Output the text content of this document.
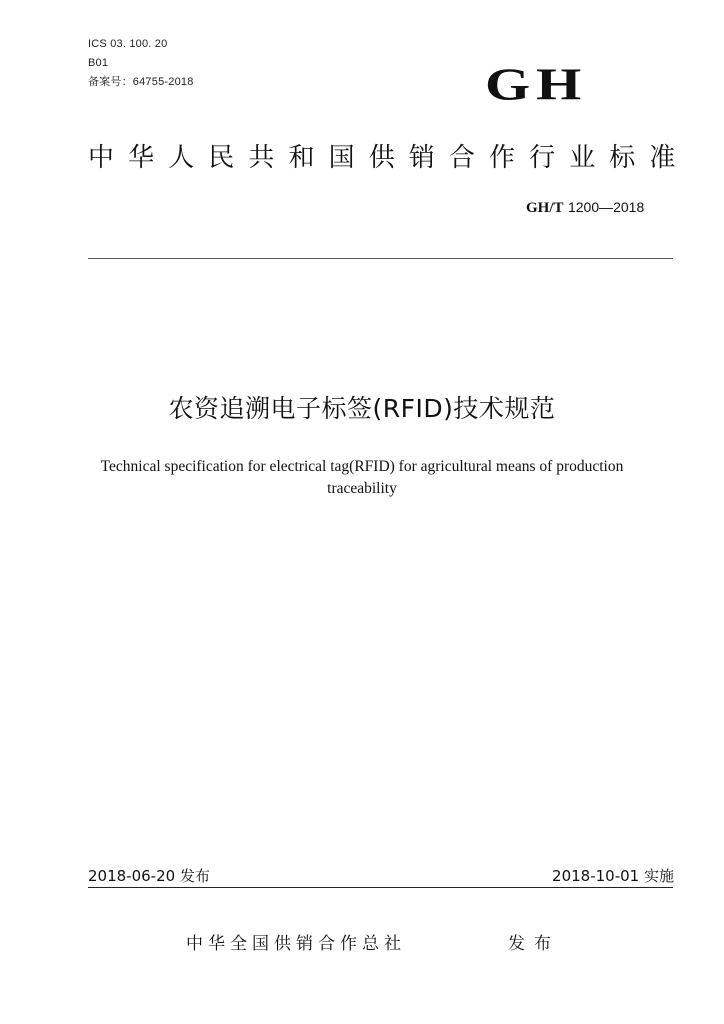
ICS 03. 100. 20
B01
备案号：64755-2018	GH
中华人民共和国供销合作行业标准
GH/T 1200—2018
农资追溯电子标签(RFID)技术规范
Technical specification for electrical tag(RFID) for agricultural means of production
traceability
2018-06-20 发布	2018-10-01 实施
中华全国供销合作总社	发布
